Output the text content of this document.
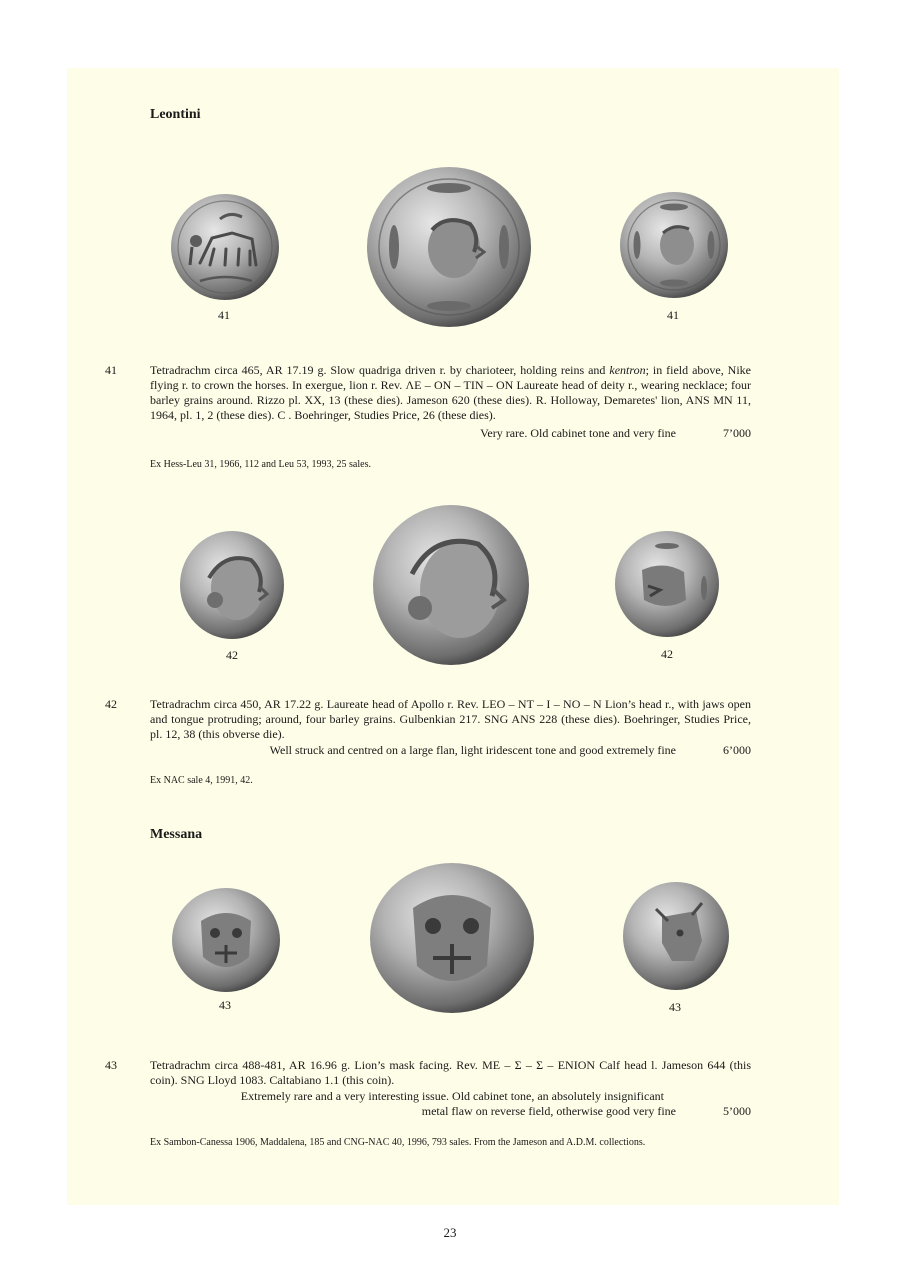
Leontini
41	41
41	Tetradrachm circa 465, AR 17.19 g. Slow quadriga driven r. by charioteer, holding reins and kentron; in field above, Nike flying r. to crown the horses. In exergue, lion r. Rev. ΛΕ – ON – TIN – ON Laureate head of deity r., wearing necklace; four barley grains around. Rizzo pl. XX, 13 (these dies). Jameson 620 (these dies). R. Holloway, Demaretes' lion, ANS MN 11, 1964, pl. 1, 2 (these dies). C . Boehringer, Studies Price, 26 (these dies).

Very rare. Old cabinet tone and very fine	7’000

Ex Hess-Leu 31, 1966, 112 and Leu 53, 1993, 25 sales.

42	42
42	Tetradrachm circa 450, AR 17.22 g. Laureate head of Apollo r. Rev. LEO – NT – I – NO – N Lion’s head r., with jaws open and tongue protruding; around, four barley grains. Gulbenkian 217. SNG ANS 228 (these dies). Boehringer, Studies Price, pl. 12, 38 (this obverse die).

Well struck and centred on a large flan, light iridescent tone and good extremely fine	6’000

Ex NAC sale 4, 1991, 42.

Messana
43	43
43	Tetradrachm circa 488-481, AR 16.96 g. Lion’s mask facing. Rev. ME – Σ – Σ – ENION Calf head l. Jameson 644 (this coin). SNG Lloyd 1083. Caltabiano 1.1 (this coin).

Extremely rare and a very interesting issue. Old cabinet tone, an absolutely insignificant
metal flaw on reverse field, otherwise good very fine	5’000

Ex Sambon-Canessa 1906, Maddalena, 185 and CNG-NAC 40, 1996, 793 sales. From the Jameson and A.D.M. collections.

23
